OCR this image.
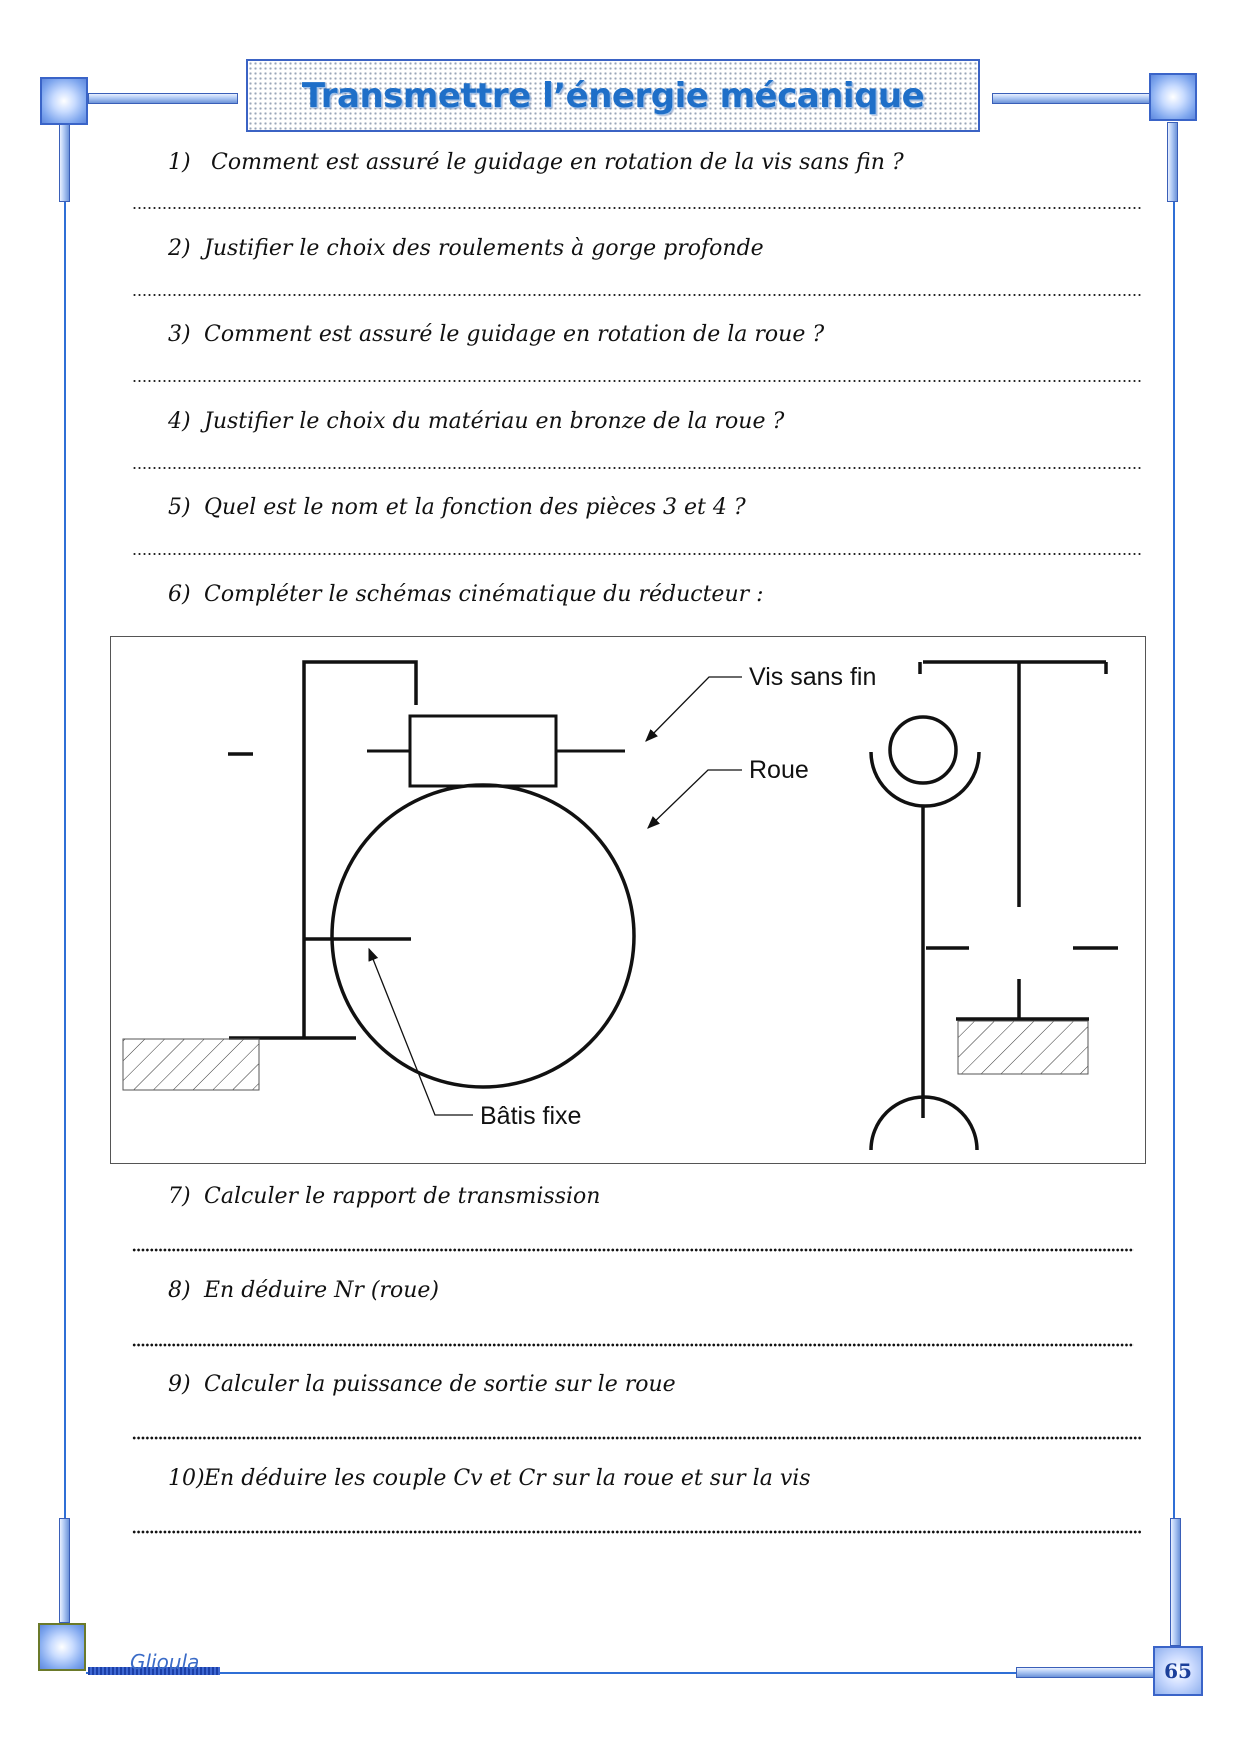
Transmettre l’énergie mécanique
1) Comment est assuré le guidage en rotation de la vis sans fin ?
2) Justifier le choix des roulements à gorge profonde
3) Comment est assuré le guidage en rotation de la roue ?
4) Justifier le choix du matériau en bronze de la roue ?
5) Quel est le nom et la fonction des pièces 3 et 4 ?
6) Compléter le schémas cinématique du réducteur :
Vis sans fin
Roue
Bâtis fixe
7) Calculer le rapport de transmission
8) En déduire Nr (roue)
9) Calculer la puissance de sortie sur le roue
10)En déduire les couple Cv et Cr sur la roue et sur la vis
Glioula	65
